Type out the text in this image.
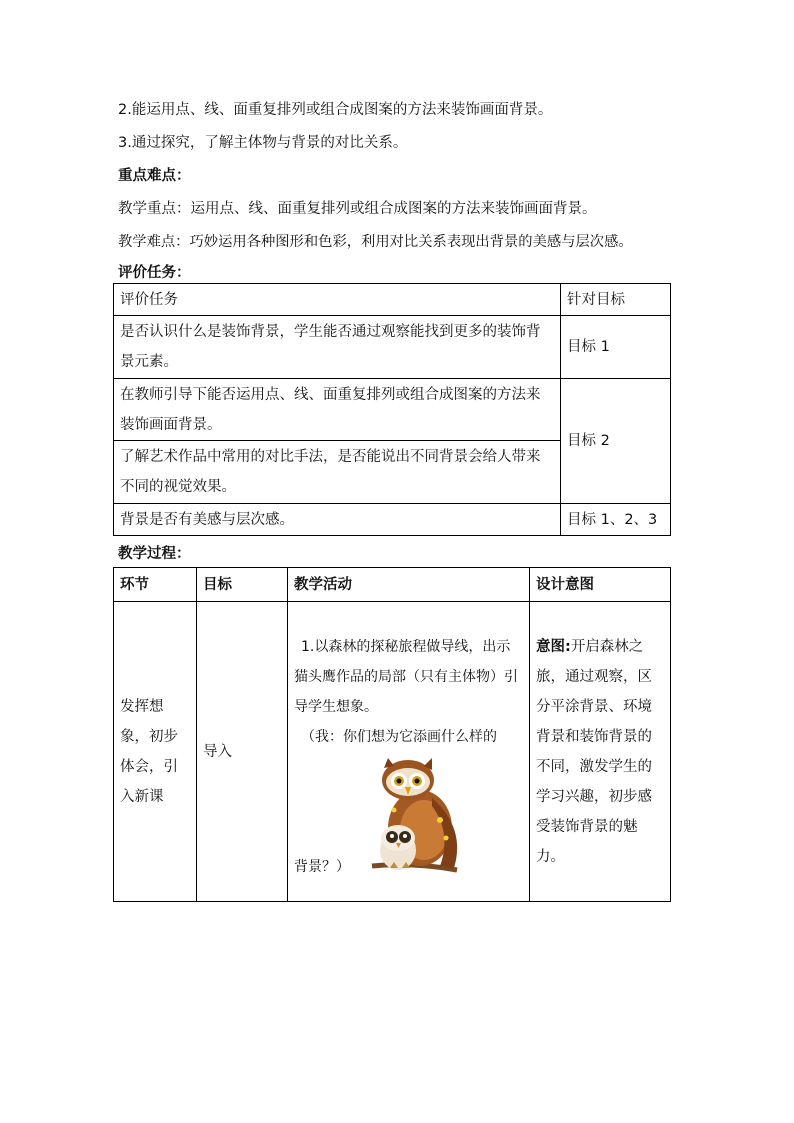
2.能运用点、线、面重复排列或组合成图案的方法来装饰画面背景。
3.通过探究，了解主体物与背景的对比关系。
重点难点：
教学重点：运用点、线、面重复排列或组合成图案的方法来装饰画面背景。
教学难点：巧妙运用各种图形和色彩，利用对比关系表现出背景的美感与层次感。
评价任务：
评价任务	针对目标
是否认识什么是装饰背景，学生能否通过观察能找到更多的装饰背景元素。	目标 1
在教师引导下能否运用点、线、面重复排列或组合成图案的方法来装饰画面背景。	目标 2
了解艺术作品中常用的对比手法，是否能说出不同背景会给人带来不同的视觉效果。	
背景是否有美感与层次感。	目标 1、2、3
教学过程：
环节	目标	教学活动	设计意图

发挥想象，初步体会，引入新课	导入	1.以森林的探秘旅程做导线，出示猫头鹰作品的局部（只有主体物）引导学生想象。
（我：你们想为它添画什么样的
背景？）	意图:开启森林之旅，通过观察，区分平涂背景、环境背景和装饰背景的不同，激发学生的学习兴趣，初步感受装饰背景的魅力。
